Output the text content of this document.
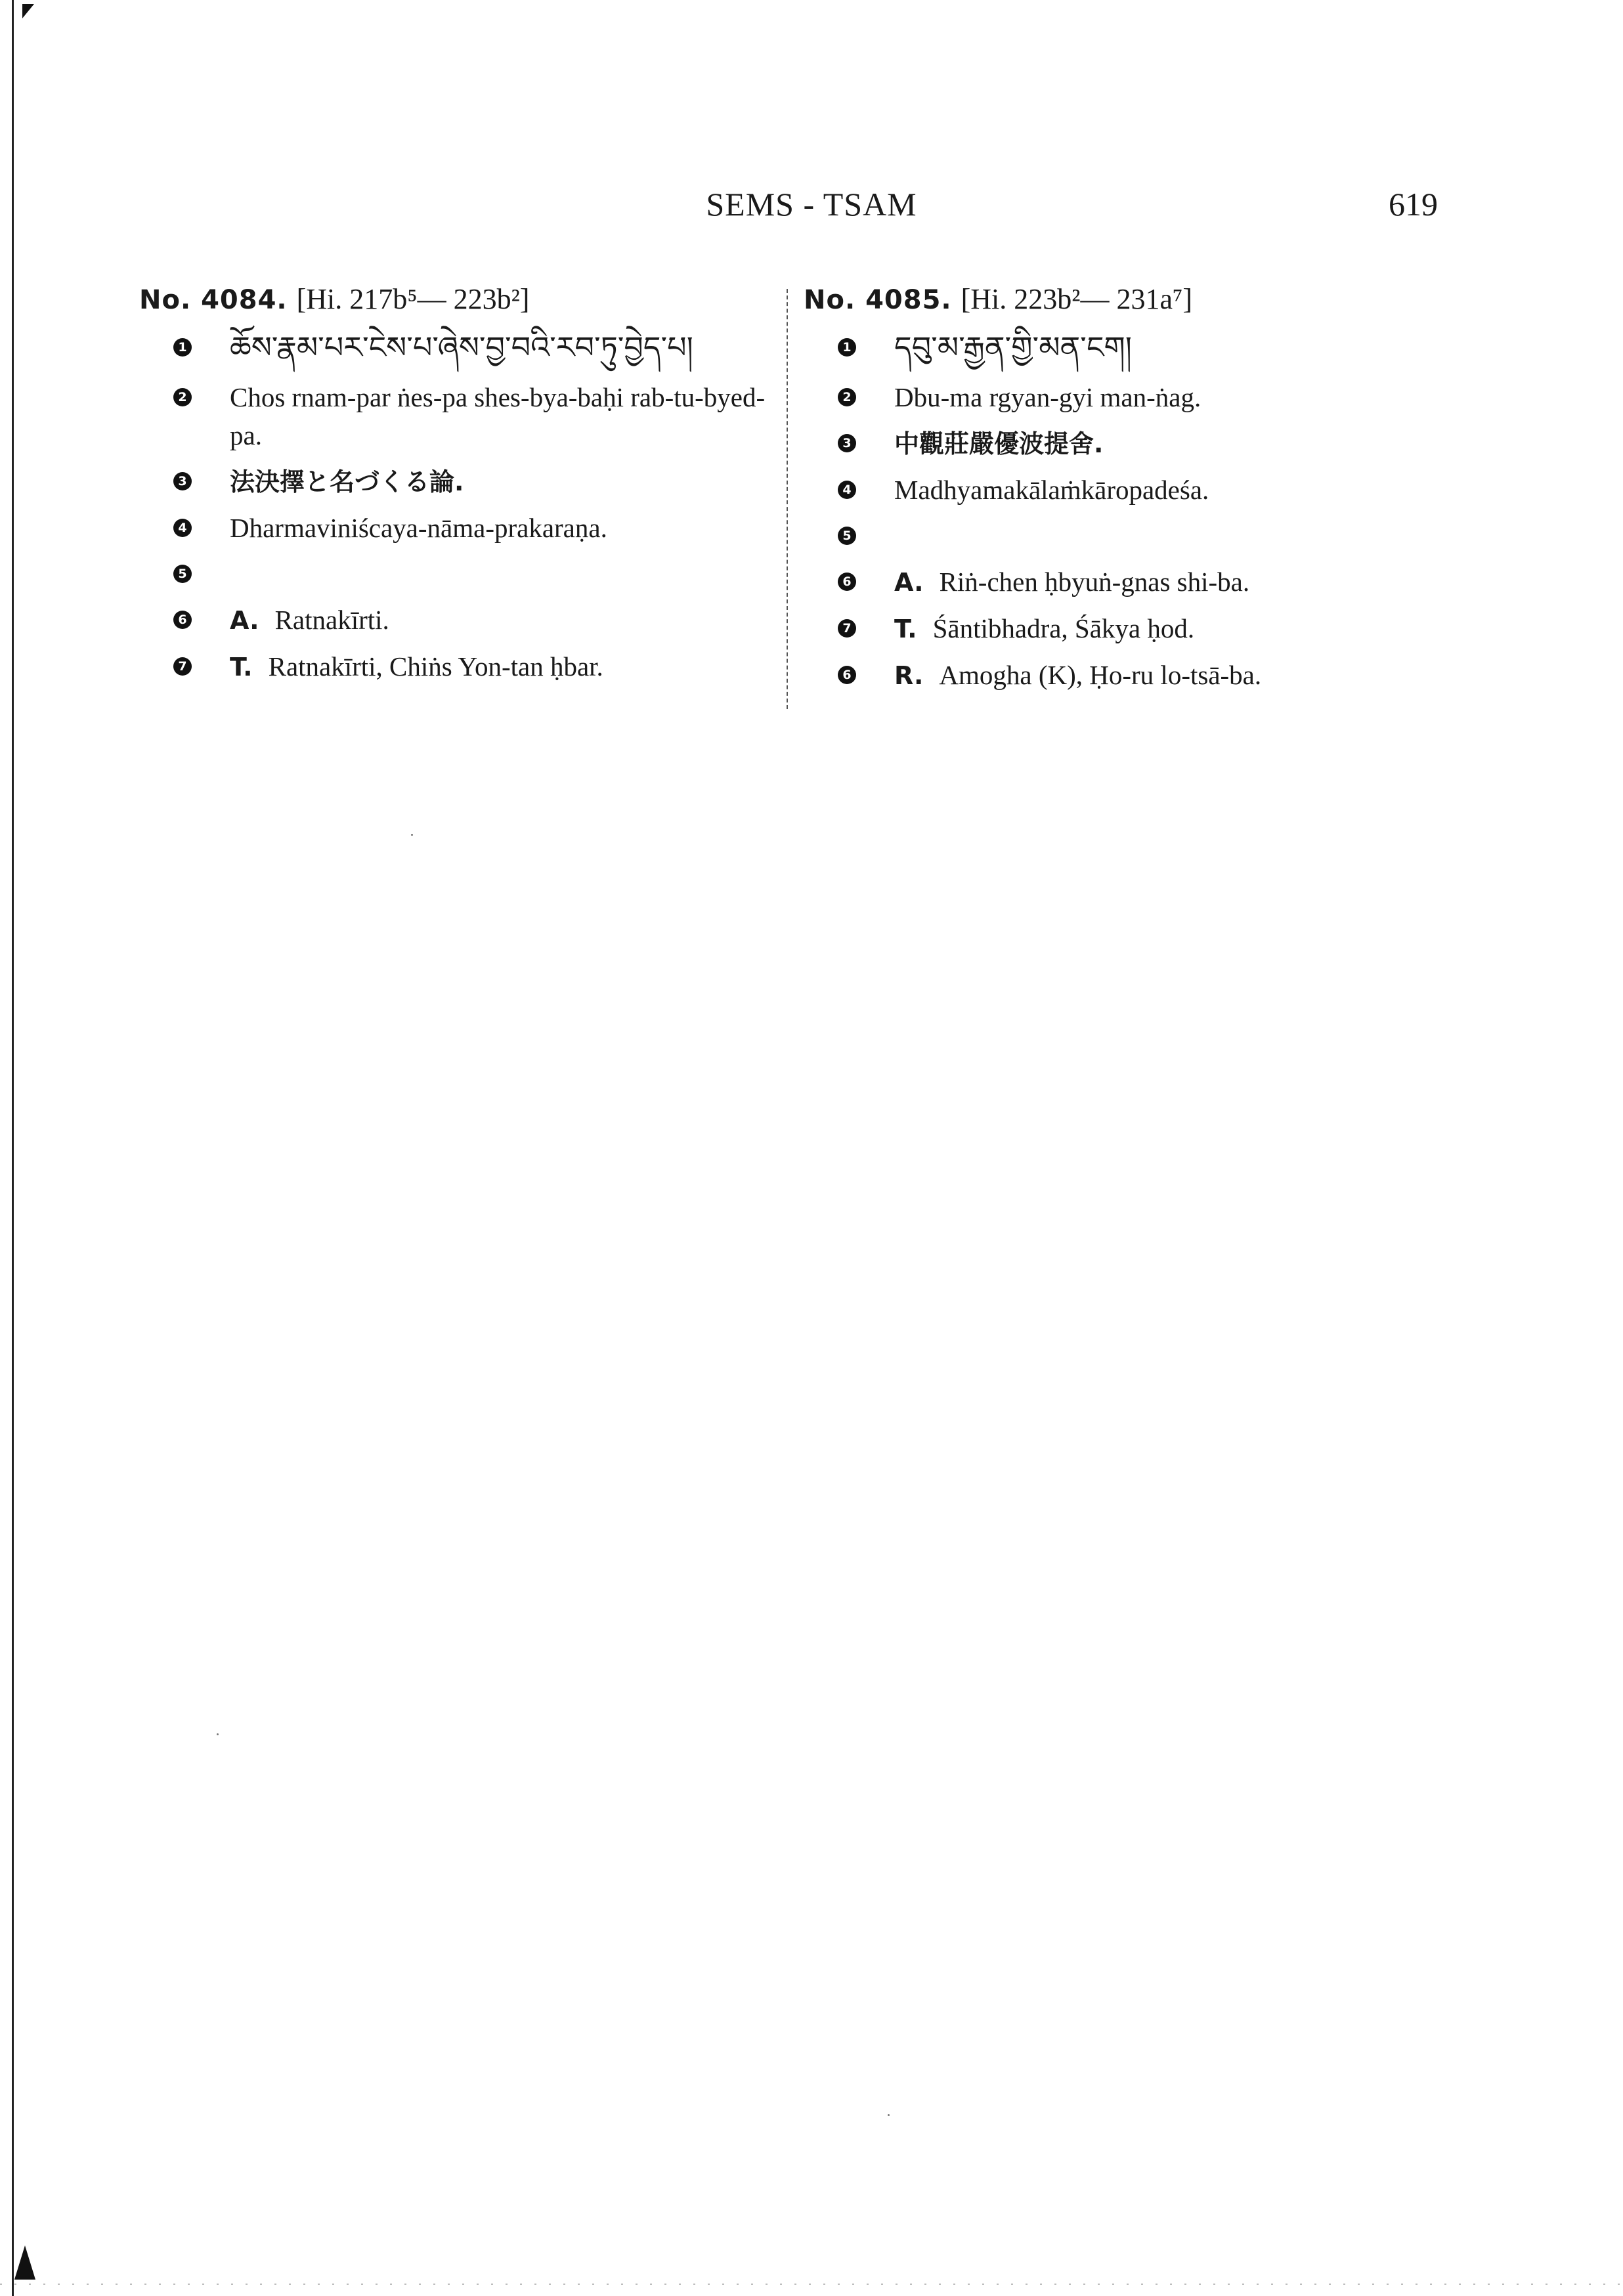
SEMS - TSAM	619
No. 4084. [Hi. 217b⁵— 223b²]
1 ཆོས་རྣམ་པར་ངེས་པ་ཞེས་བྱ་བའི་རབ་ཏུ་བྱེད་པ།
2 Chos rnam-par ṅes-pa shes-bya-baḥi rab-tu-byed-pa.
3 法決擇と名づくる論.
4 Dharmaviniścaya-nāma-prakaraṇa.
5
6 A. Ratnakīrti.
7 T. Ratnakīrti, Chiṅs Yon-tan ḥbar.
No. 4085. [Hi. 223b²— 231a⁷]
1 དབུ་མ་རྒྱན་གྱི་མན་ངག།
2 Dbu-ma rgyan-gyi man-ṅag.
3 中觀莊嚴優波提舍.
4 Madhyamakālaṁkāropadeśa.
5
6 A. Riṅ-chen ḥbyuṅ-gnas shi-ba.
7 T. Śāntibhadra, Śākya ḥod.
6 R. Amogha (K), Ḥo-ru lo-tsā-ba.
